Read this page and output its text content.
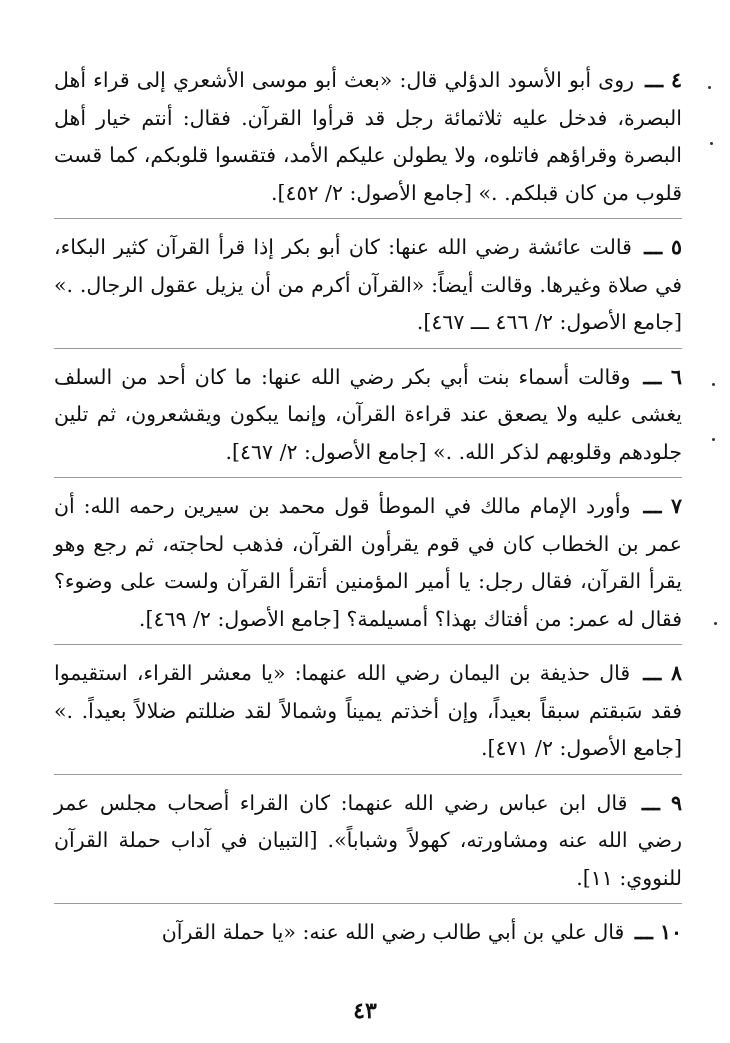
٤ ـــ روى أبو الأسود الدؤلي قال: «بعث أبو موسى الأشعري إلى قراء أهل البصرة، فدخل عليه ثلاثمائة رجل قد قرأوا القرآن. فقال: أنتم خيار أهل البصرة وقراؤهم فاتلوه، ولا يطولن عليكم الأمد، فتقسوا قلوبكم، كما قست قلوب من كان قبلكم. .» [جامع الأصول: ٢/ ٤٥٢].

٥ ـــ قالت عائشة رضي الله عنها: كان أبو بكر إذا قرأ القرآن كثير البكاء، في صلاة وغيرها. وقالت أيضاً: «القرآن أكرم من أن يزيل عقول الرجال. .» [جامع الأصول: ٢/ ٤٦٦ ـــ ٤٦٧].

٦ ـــ وقالت أسماء بنت أبي بكر رضي الله عنها: ما كان أحد من السلف يغشى عليه ولا يصعق عند قراءة القرآن، وإنما يبكون ويقشعرون، ثم تلين جلودهم وقلوبهم لذكر الله. .» [جامع الأصول: ٢/ ٤٦٧].

٧ ـــ وأورد الإمام مالك في الموطأ قول محمد بن سيرين رحمه الله: أن عمر بن الخطاب كان في قوم يقرأون القرآن، فذهب لحاجته، ثم رجع وهو يقرأ القرآن، فقال رجل: يا أمير المؤمنين أتقرأ القرآن ولست على وضوء؟ فقال له عمر: من أفتاك بهذا؟ أمسيلمة؟ [جامع الأصول: ٢/ ٤٦٩].

٨ ـــ قال حذيفة بن اليمان رضي الله عنهما: «يا معشر القراء، استقيموا فقد سَبقتم سبقاً بعيداً، وإن أخذتم يميناً وشمالاً لقد ضللتم ضلالاً بعيداً. .» [جامع الأصول: ٢/ ٤٧١].

٩ ـــ قال ابن عباس رضي الله عنهما: كان القراء أصحاب مجلس عمر رضي الله عنه ومشاورته، كهولاً وشباباً». [التبيان في آداب حملة القرآن للنووي: ١١].

١٠ ـــ قال علي بن أبي طالب رضي الله عنه: «يا حملة القرآن

٤٣
